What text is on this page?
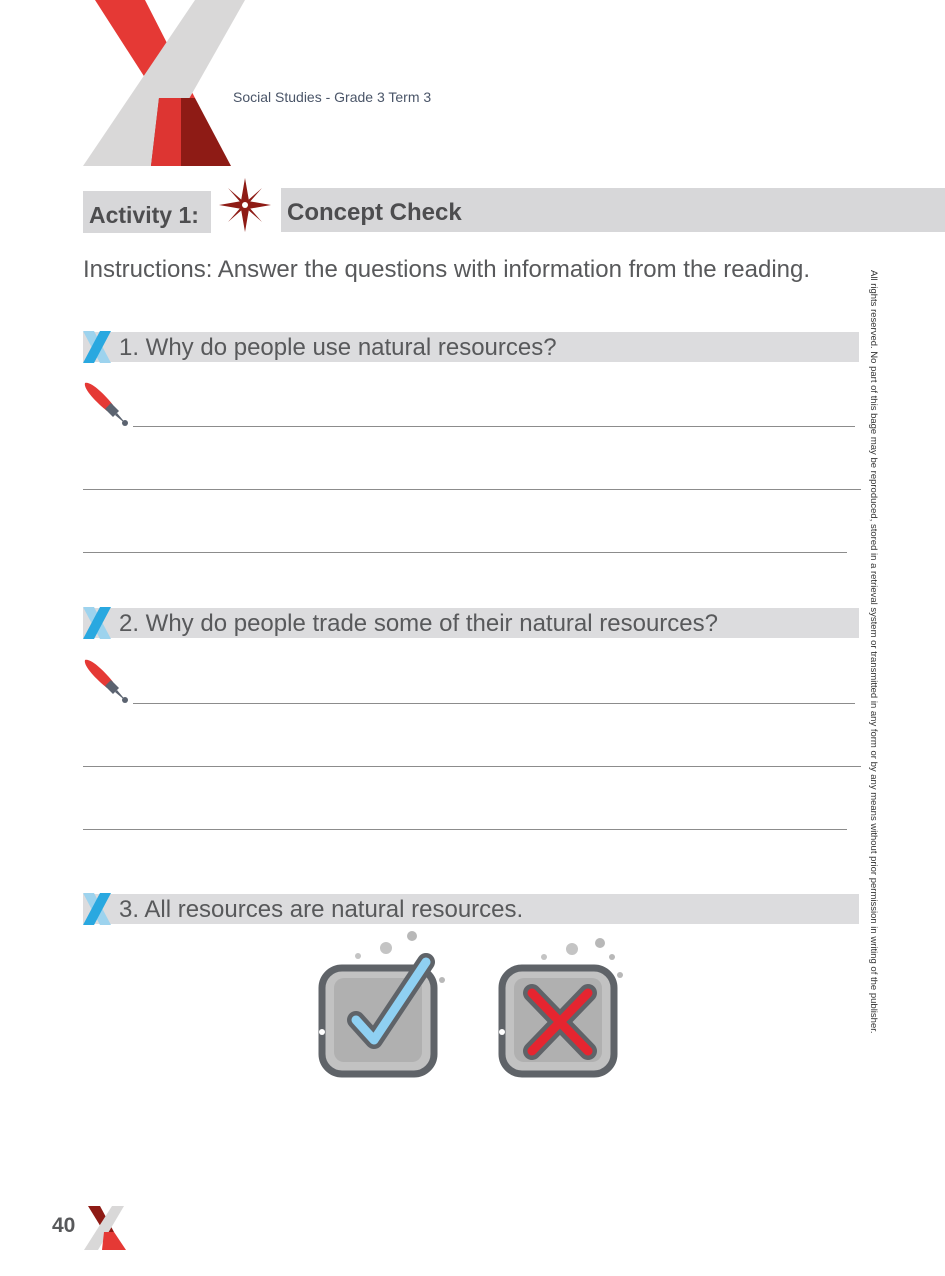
Social Studies - Grade 3 Term 3
Activity 1:	Concept Check
Instructions: Answer the questions with information from the reading.
1. Why do people use natural resources?
2. Why do people trade some of their natural resources?
3. All resources are natural resources.	All rights reserved. No part of this bage may be reproduced, stored in a retrieval system or transmitted in any form or by any means without prior permission in writing of the publisher.
40
